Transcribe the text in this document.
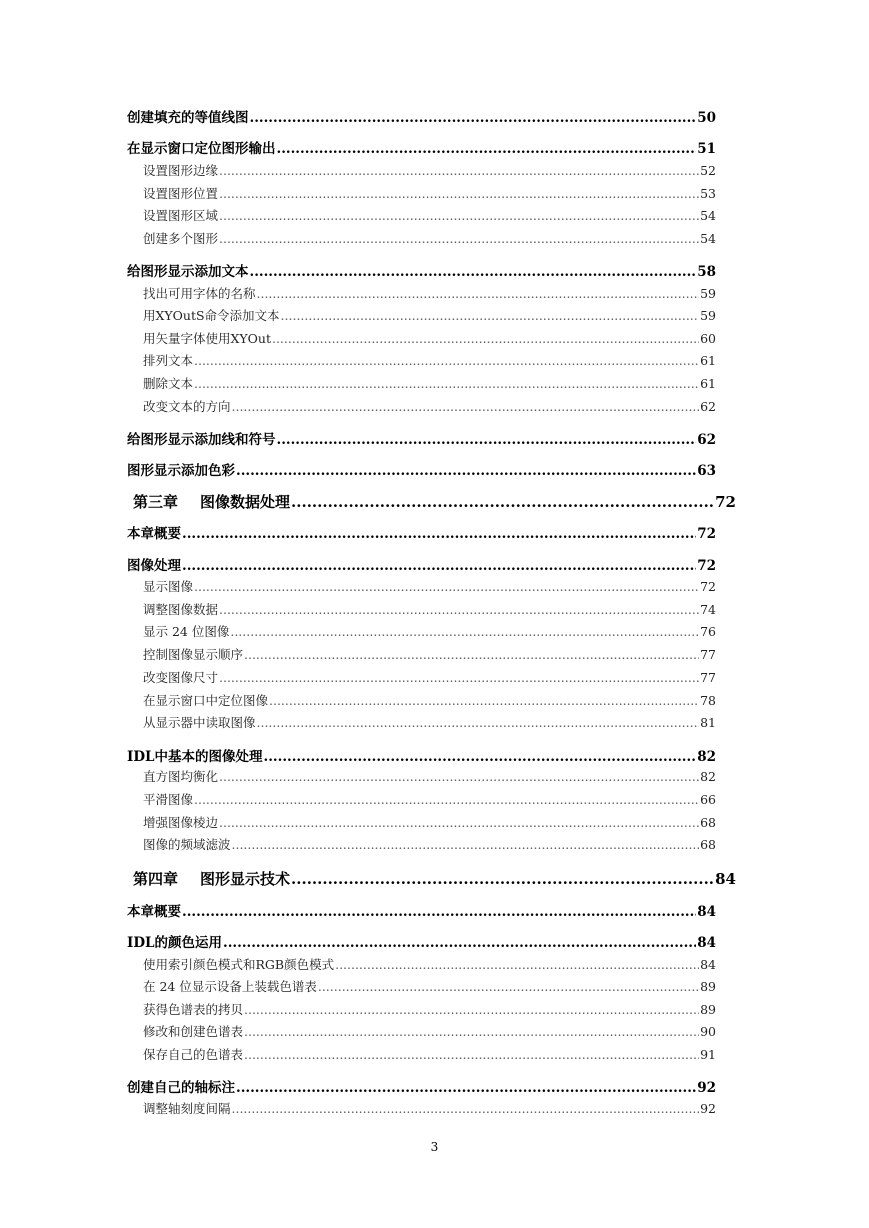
创建填充的等值线图 .....	50
在显示窗口定位图形输出 .....	51
设置图形边缘 .....	52
设置图形位置 .....	53
设置图形区域 .....	54
创建多个图形 .....	54
给图形显示添加文本 .....	58
找出可用字体的名称 .....	59
用XYOutS命令添加文本 .....	59
用矢量字体使用XYOut .....	60
排列文本 .....	61
删除文本 .....	61
改变文本的方向 .....	62
给图形显示添加线和符号 .....	62
图形显示添加色彩 .....	63
第三章 图像数据处理 .....	72
本章概要 .....	72
图像处理 .....	72
显示图像 .....	72
调整图像数据 .....	74
显示 24 位图像 .....	76
控制图像显示顺序 .....	77
改变图像尺寸 .....	77
在显示窗口中定位图像 .....	78
从显示器中读取图像 .....	81
IDL中基本的图像处理 .....	82
直方图均衡化 .....	82
平滑图像 .....	66
增强图像棱边 .....	68
图像的频域滤波 .....	68
第四章 图形显示技术 .....	84
本章概要 .....	84
IDL的颜色运用 .....	84
使用索引颜色模式和RGB颜色模式 .....	84
在 24 位显示设备上装载色谱表 .....	89
获得色谱表的拷贝 .....	89
修改和创建色谱表 .....	90
保存自己的色谱表 .....	91
创建自己的轴标注 .....	92
调整轴刻度间隔 .....	92
3
